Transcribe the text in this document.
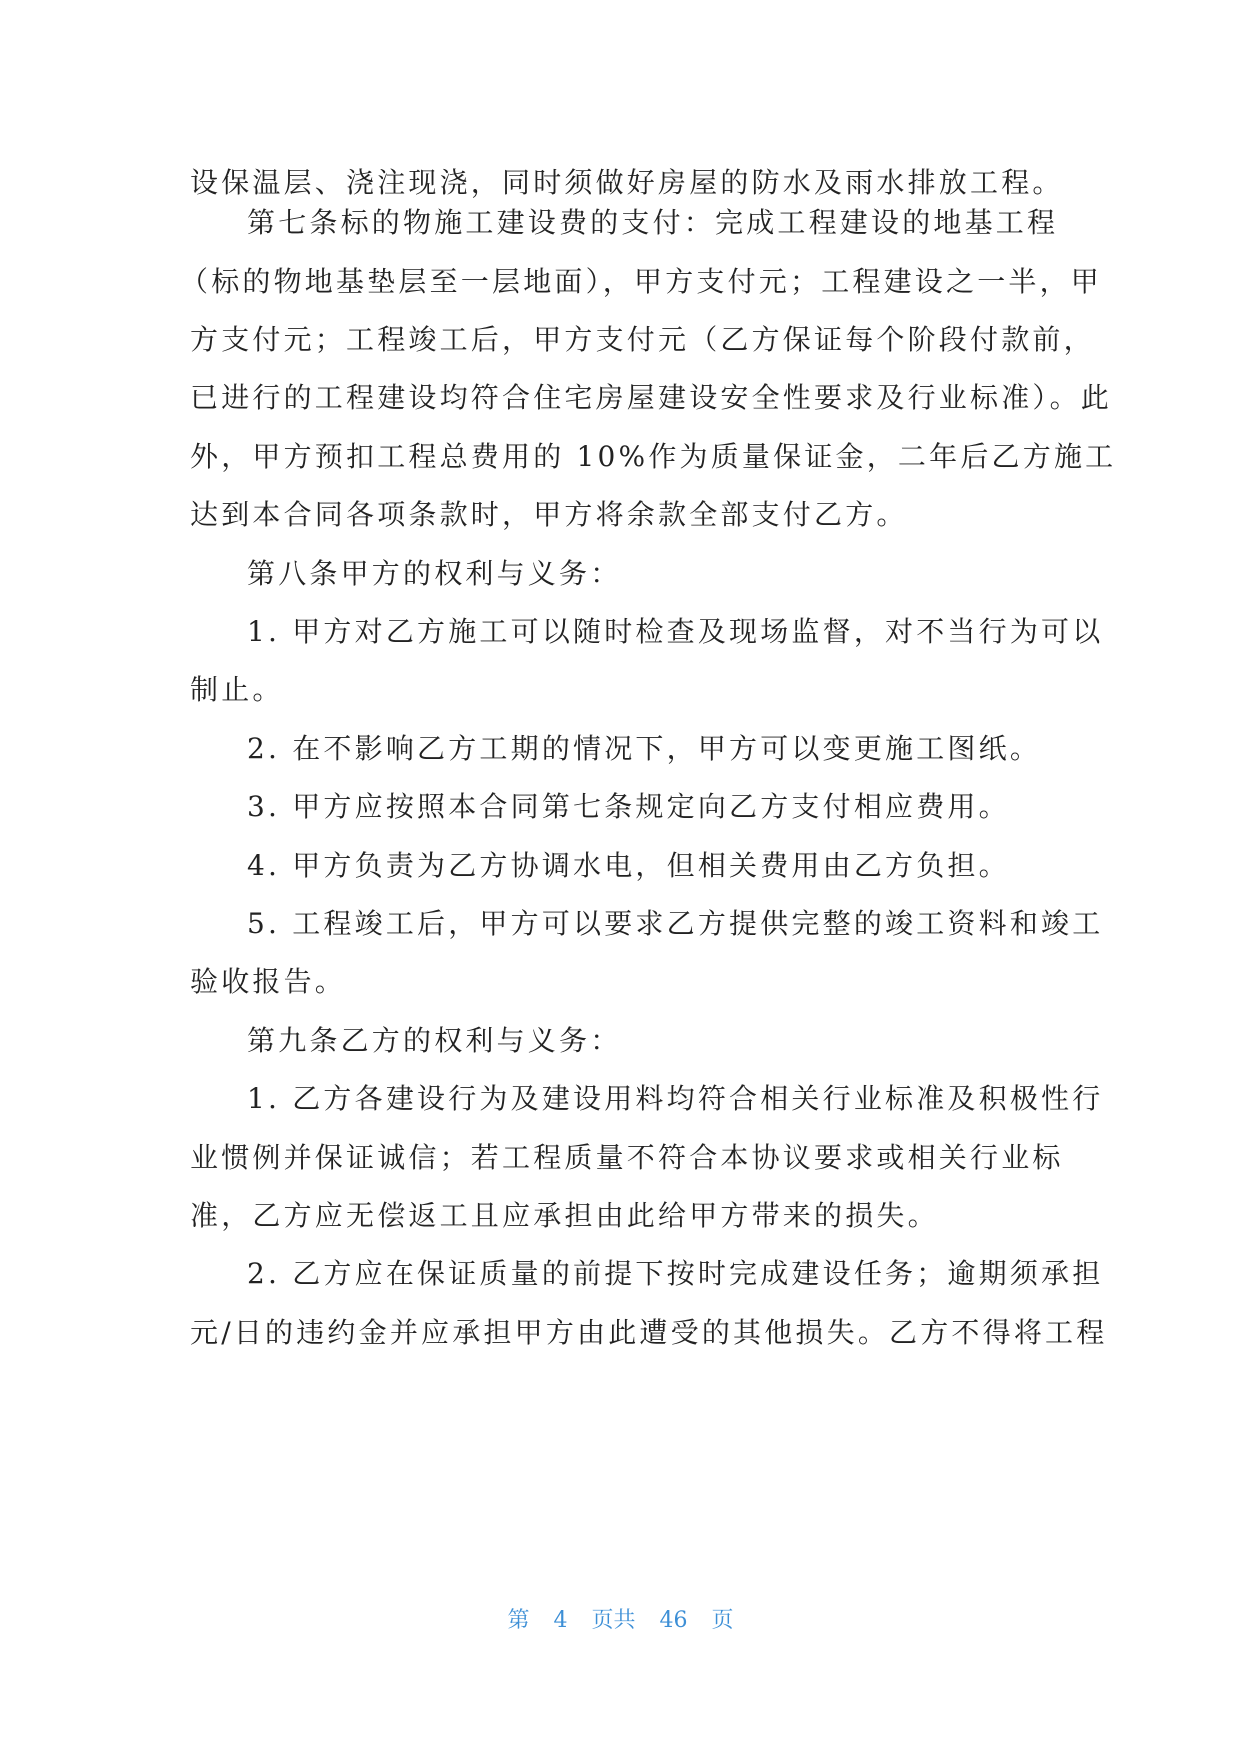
设保温层、浇注现浇，同时须做好房屋的防水及雨水排放工程。
第七条标的物施工建设费的支付：完成工程建设的地基工程
（标的物地基垫层至一层地面），甲方支付元；工程建设之一半，甲
方支付元；工程竣工后，甲方支付元（乙方保证每个阶段付款前，
已进行的工程建设均符合住宅房屋建设安全性要求及行业标准）。此
外，甲方预扣工程总费用的 10%作为质量保证金，二年后乙方施工
达到本合同各项条款时，甲方将余款全部支付乙方。
第八条甲方的权利与义务：
1. 甲方对乙方施工可以随时检查及现场监督，对不当行为可以
制止。
2. 在不影响乙方工期的情况下，甲方可以变更施工图纸。
3. 甲方应按照本合同第七条规定向乙方支付相应费用。
4. 甲方负责为乙方协调水电，但相关费用由乙方负担。
5. 工程竣工后，甲方可以要求乙方提供完整的竣工资料和竣工
验收报告。
第九条乙方的权利与义务：
1. 乙方各建设行为及建设用料均符合相关行业标准及积极性行
业惯例并保证诚信；若工程质量不符合本协议要求或相关行业标
准，乙方应无偿返工且应承担由此给甲方带来的损失。
2. 乙方应在保证质量的前提下按时完成建设任务；逾期须承担
元/日的违约金并应承担甲方由此遭受的其他损失。乙方不得将工程
第 4 页共 46 页
